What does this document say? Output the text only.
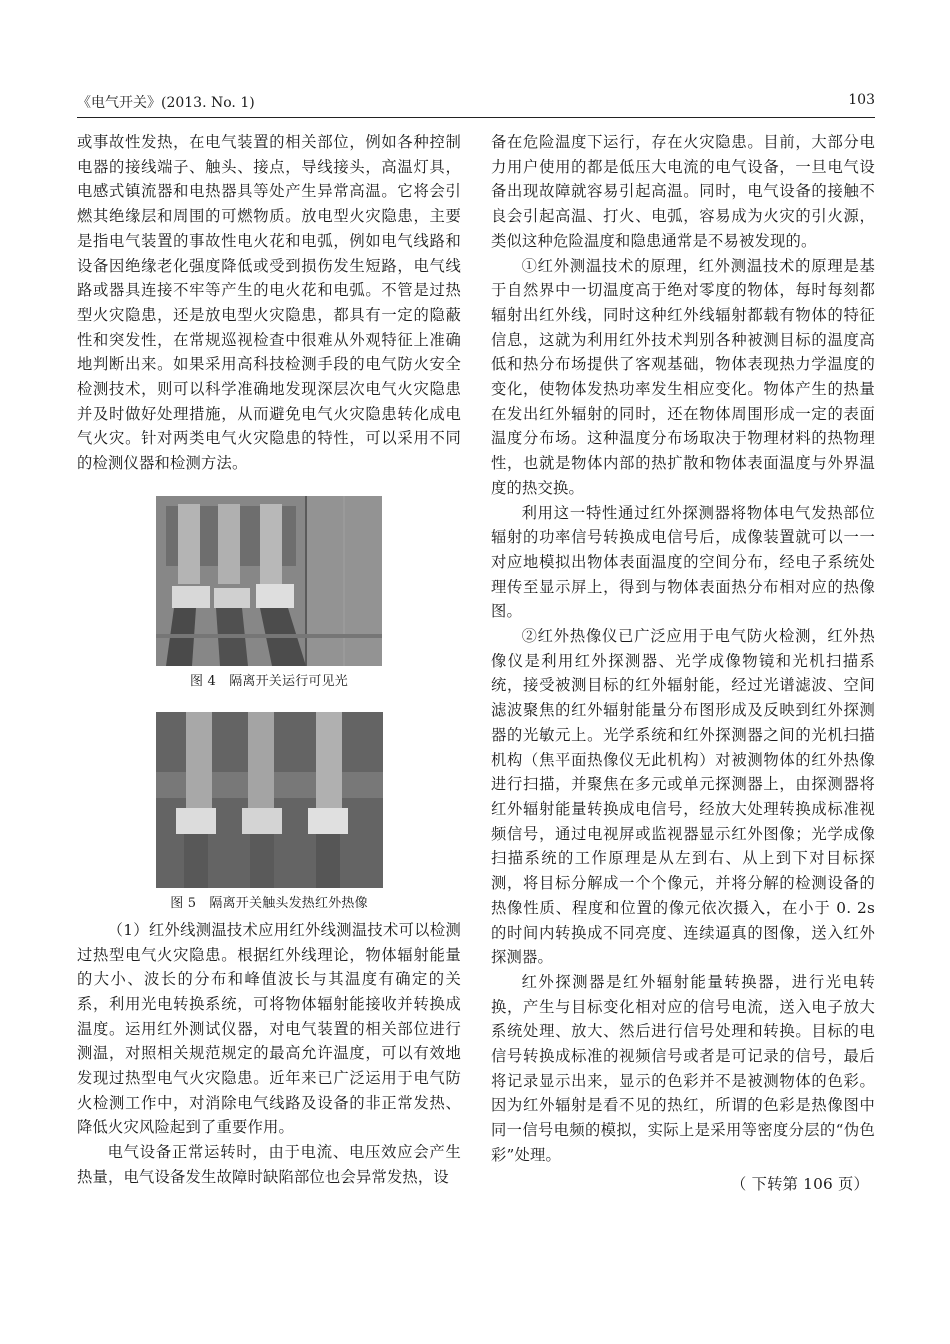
《电气开关》(2013. No. 1)	103

或事故性发热，在电气装置的相关部位，例如各种控制电器的接线端子、触头、接点，导线接头，高温灯具，电感式镇流器和电热器具等处产生异常高温。它将会引燃其绝缘层和周围的可燃物质。放电型火灾隐患，主要是指电气装置的事故性电火花和电弧，例如电气线路和设备因绝缘老化强度降低或受到损伤发生短路，电气线路或器具连接不牢等产生的电火花和电弧。不管是过热型火灾隐患，还是放电型火灾隐患，都具有一定的隐蔽性和突发性，在常规巡视检查中很难从外观特征上准确地判断出来。如果采用高科技检测手段的电气防火安全检测技术，则可以科学准确地发现深层次电气火灾隐患并及时做好处理措施，从而避免电气火灾隐患转化成电气火灾。针对两类电气火灾隐患的特性，可以采用不同的检测仪器和检测方法。

图 4　隔离开关运行可见光
图 5　隔离开关触头发热红外热像

（1）红外线测温技术应用红外线测温技术可以检测过热型电气火灾隐患。根据红外线理论，物体辐射能量的大小、波长的分布和峰值波长与其温度有确定的关系，利用光电转换系统，可将物体辐射能接收并转换成温度。运用红外测试仪器，对电气装置的相关部位进行测温，对照相关规范规定的最高允许温度，可以有效地发现过热型电气火灾隐患。近年来已广泛运用于电气防火检测工作中，对消除电气线路及设备的非正常发热、降低火灾风险起到了重要作用。

电气设备正常运转时，由于电流、电压效应会产生热量，电气设备发生故障时缺陷部位也会异常发热，设

备在危险温度下运行，存在火灾隐患。目前，大部分电力用户使用的都是低压大电流的电气设备，一旦电气设备出现故障就容易引起高温。同时，电气设备的接触不良会引起高温、打火、电弧，容易成为火灾的引火源，类似这种危险温度和隐患通常是不易被发现的。

①红外测温技术的原理，红外测温技术的原理是基于自然界中一切温度高于绝对零度的物体，每时每刻都辐射出红外线，同时这种红外线辐射都载有物体的特征信息，这就为利用红外技术判别各种被测目标的温度高低和热分布场提供了客观基础，物体表现热力学温度的变化，使物体发热功率发生相应变化。物体产生的热量在发出红外辐射的同时，还在物体周围形成一定的表面温度分布场。这种温度分布场取决于物理材料的热物理性，也就是物体内部的热扩散和物体表面温度与外界温度的热交换。

利用这一特性通过红外探测器将物体电气发热部位辐射的功率信号转换成电信号后，成像装置就可以一一对应地模拟出物体表面温度的空间分布，经电子系统处理传至显示屏上，得到与物体表面热分布相对应的热像图。

②红外热像仪已广泛应用于电气防火检测，红外热像仪是利用红外探测器、光学成像物镜和光机扫描系统，接受被测目标的红外辐射能，经过光谱滤波、空间滤波聚焦的红外辐射能量分布图形成及反映到红外探测器的光敏元上。光学系统和红外探测器之间的光机扫描机构（焦平面热像仪无此机构）对被测物体的红外热像进行扫描，并聚焦在多元或单元探测器上，由探测器将红外辐射能量转换成电信号，经放大处理转换成标准视频信号，通过电视屏或监视器显示红外图像；光学成像扫描系统的工作原理是从左到右、从上到下对目标探测，将目标分解成一个个像元，并将分解的检测设备的热像性质、程度和位置的像元依次摄入，在小于 0. 2s 的时间内转换成不同亮度、连续逼真的图像，送入红外探测器。

红外探测器是红外辐射能量转换器，进行光电转换，产生与目标变化相对应的信号电流，送入电子放大系统处理、放大、然后进行信号处理和转换。目标的电信号转换成标准的视频信号或者是可记录的信号，最后将记录显示出来，显示的色彩并不是被测物体的色彩。因为红外辐射是看不见的热红，所谓的色彩是热像图中同一信号电频的模拟，实际上是采用等密度分层的“伪色彩”处理。

（ 下转第 106 页）
